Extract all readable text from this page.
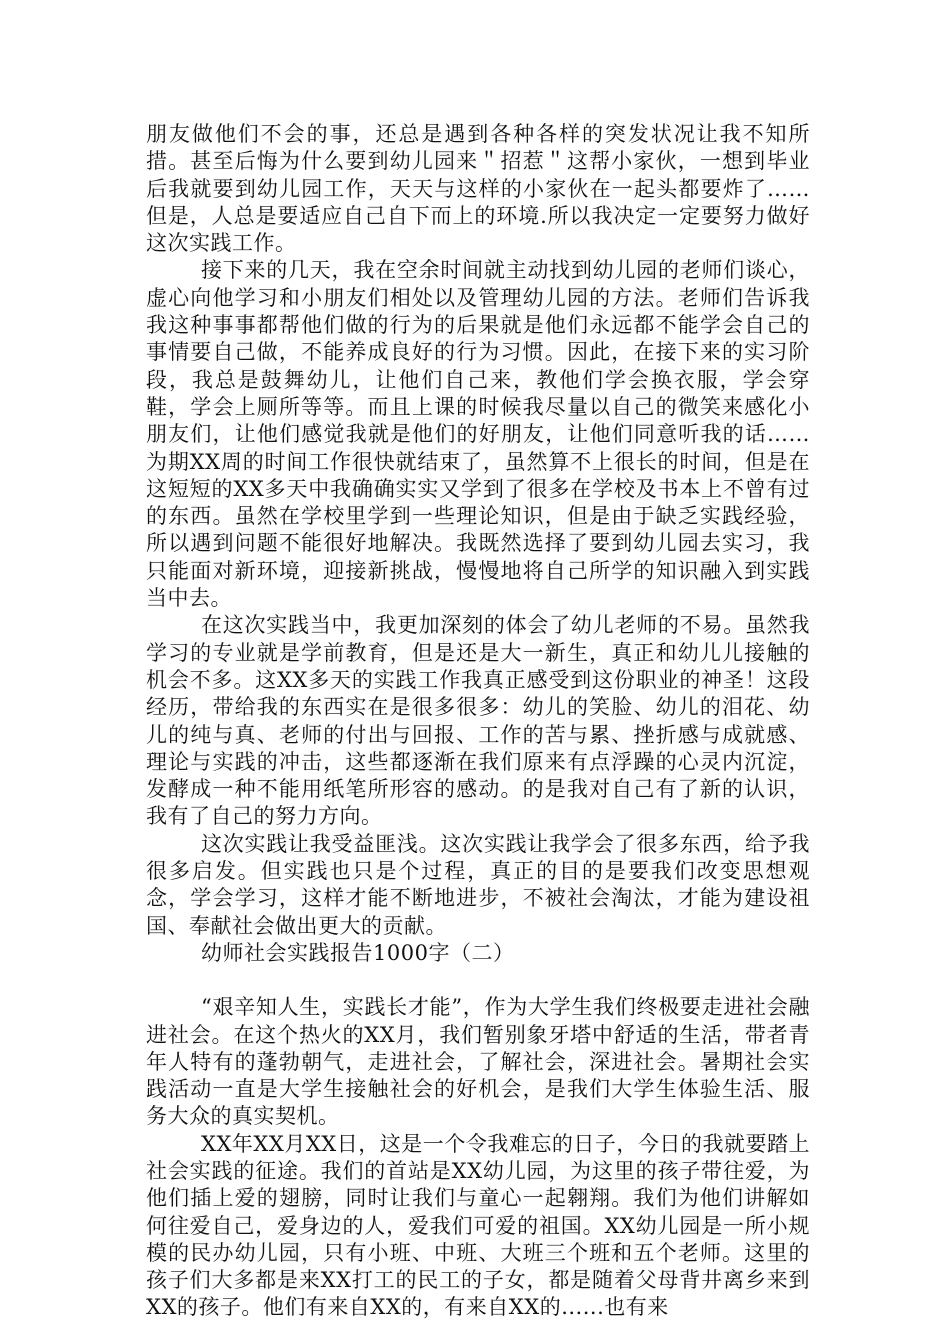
朋友做他们不会的事，还总是遇到各种各样的突发状况让我不知所措。甚至后悔为什么要到幼儿园来＂招惹＂这帮小家伙，一想到毕业后我就要到幼儿园工作，天天与这样的小家伙在一起头都要炸了……但是，人总是要适应自己自下而上的环境.所以我决定一定要努力做好这次实践工作。

接下来的几天，我在空余时间就主动找到幼儿园的老师们谈心，虚心向他学习和小朋友们相处以及管理幼儿园的方法。老师们告诉我我这种事事都帮他们做的行为的后果就是他们永远都不能学会自己的事情要自己做，不能养成良好的行为习惯。因此，在接下来的实习阶段，我总是鼓舞幼儿，让他们自己来，教他们学会换衣服，学会穿鞋，学会上厕所等等。而且上课的时候我尽量以自己的微笑来感化小朋友们，让他们感觉我就是他们的好朋友，让他们同意听我的话……为期XX周的时间工作很快就结束了，虽然算不上很长的时间，但是在这短短的XX多天中我确确实实又学到了很多在学校及书本上不曾有过的东西。虽然在学校里学到一些理论知识，但是由于缺乏实践经验，所以遇到问题不能很好地解决。我既然选择了要到幼儿园去实习，我只能面对新环境，迎接新挑战，慢慢地将自己所学的知识融入到实践当中去。

在这次实践当中，我更加深刻的体会了幼儿老师的不易。虽然我学习的专业就是学前教育，但是还是大一新生，真正和幼儿儿接触的机会不多。这XX多天的实践工作我真正感受到这份职业的神圣！这段经历，带给我的东西实在是很多很多：幼儿的笑脸、幼儿的泪花、幼儿的纯与真、老师的付出与回报、工作的苦与累、挫折感与成就感、理论与实践的冲击，这些都逐渐在我们原来有点浮躁的心灵内沉淀，发酵成一种不能用纸笔所形容的感动。的是我对自己有了新的认识，我有了自己的努力方向。

这次实践让我受益匪浅。这次实践让我学会了很多东西，给予我很多启发。但实践也只是个过程，真正的目的是要我们改变思想观念，学会学习，这样才能不断地进步，不被社会淘汰，才能为建设祖国、奉献社会做出更大的贡献。

幼师社会实践报告1000字（二）

“艰辛知人生，实践长才能”，作为大学生我们终极要走进社会融进社会。在这个热火的XX月，我们暂别象牙塔中舒适的生活，带者青年人特有的蓬勃朝气，走进社会，了解社会，深进社会。暑期社会实践活动一直是大学生接触社会的好机会，是我们大学生体验生活、服务大众的真实契机。

XX年XX月XX日，这是一个令我难忘的日子，今日的我就要踏上社会实践的征途。我们的首站是XX幼儿园，为这里的孩子带往爱，为他们插上爱的翅膀，同时让我们与童心一起翱翔。我们为他们讲解如何往爱自己，爱身边的人，爱我们可爱的祖国。XX幼儿园是一所小规模的民办幼儿园，只有小班、中班、大班三个班和五个老师。这里的孩子们大多都是来XX打工的民工的子女，都是随着父母背井离乡来到XX的孩子。他们有来自XX的，有来自XX的......也有来
